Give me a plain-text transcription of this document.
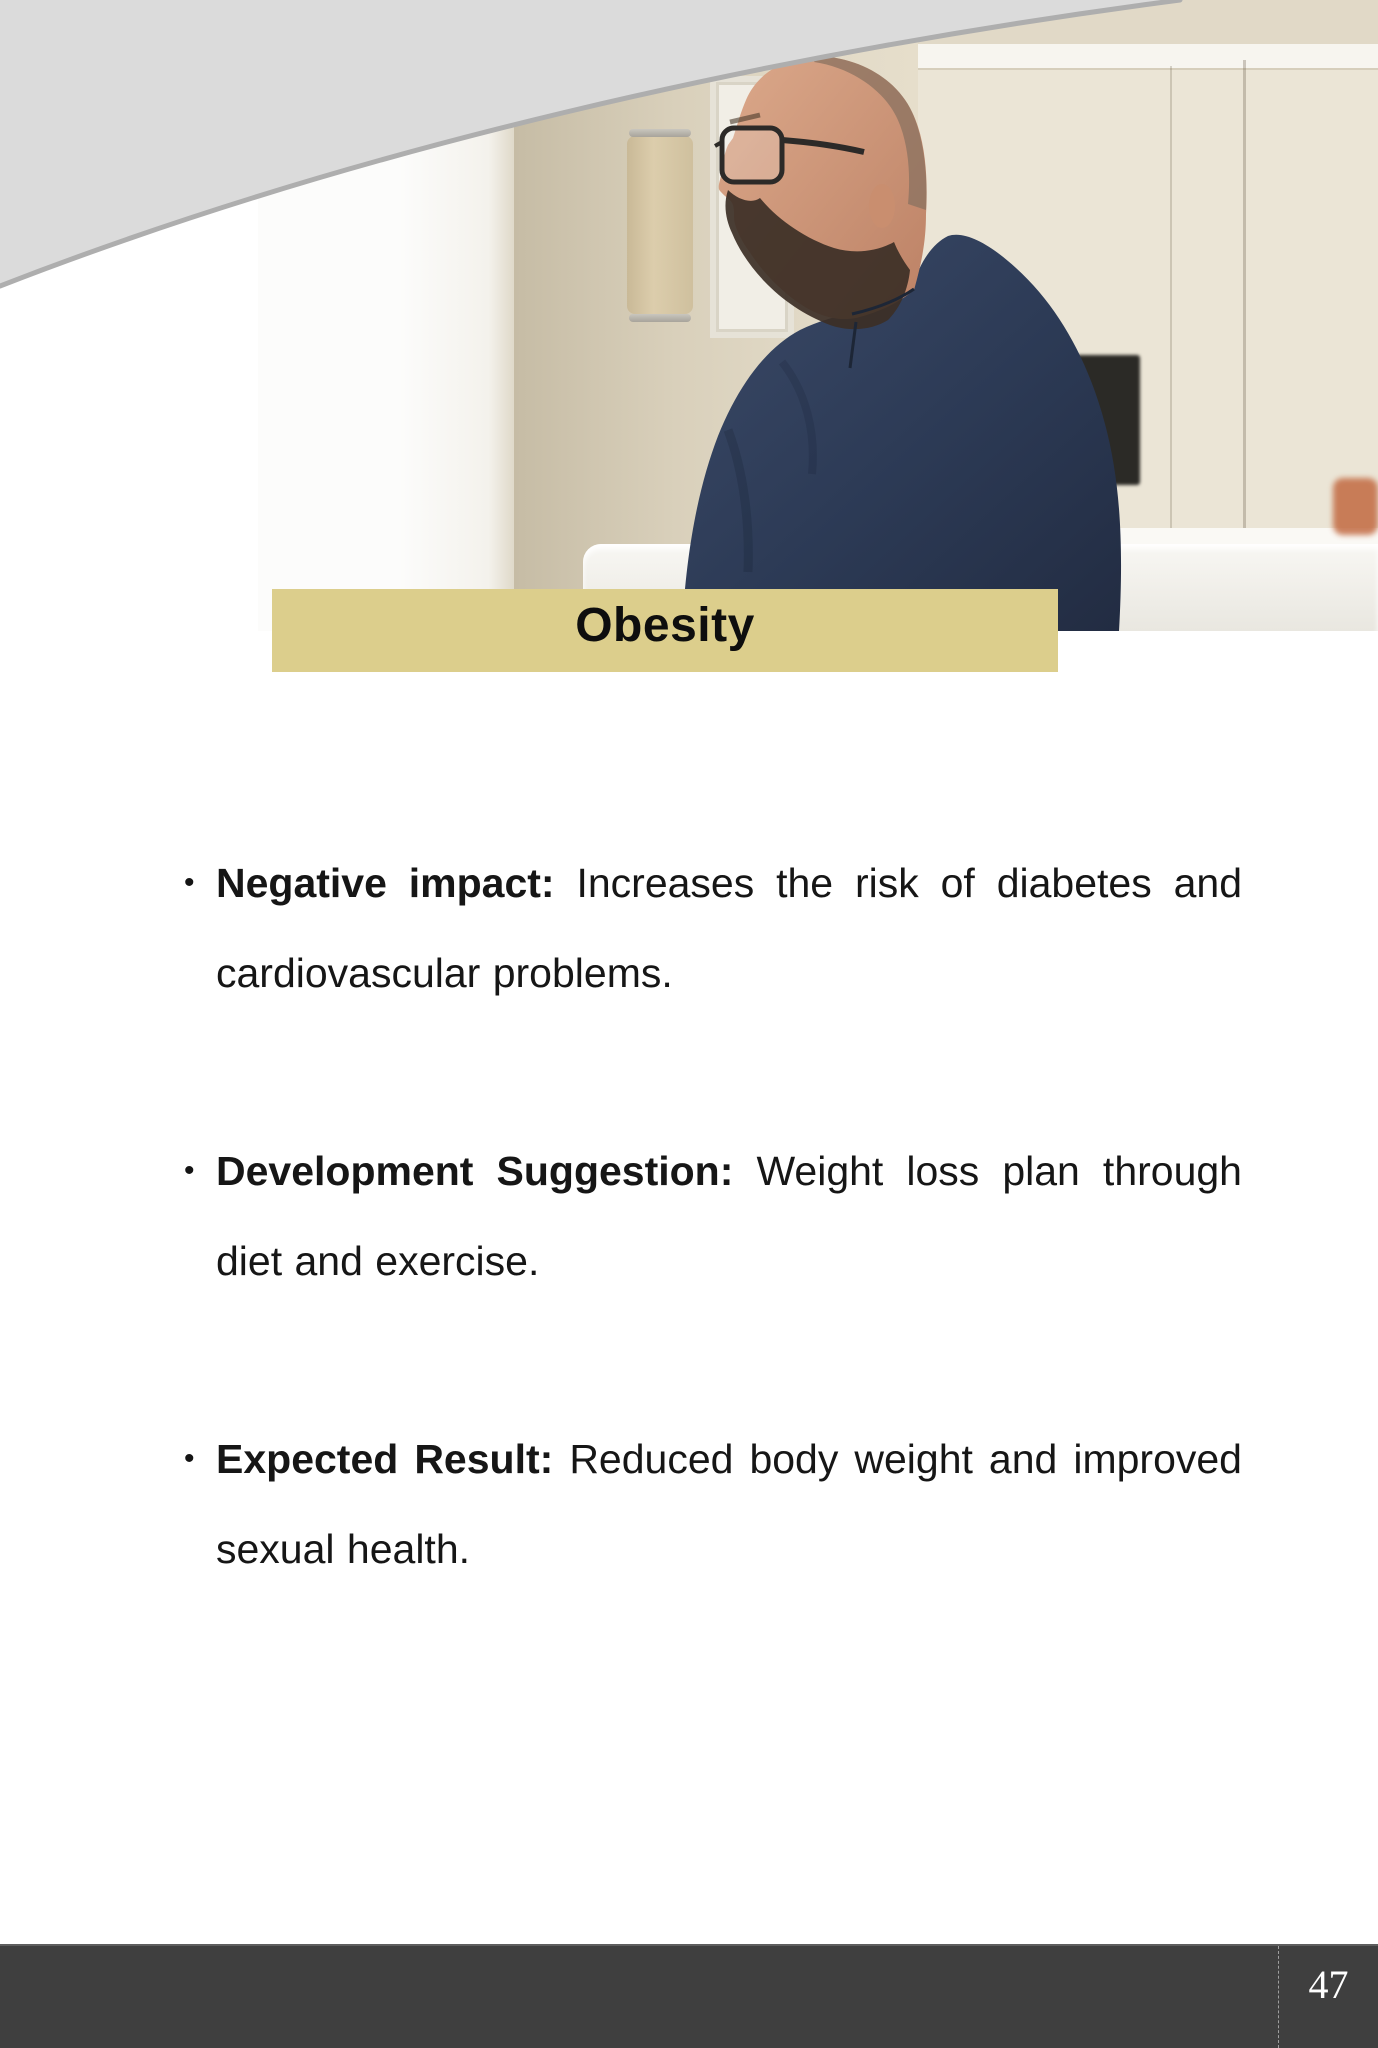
Obesity
• Negative impact: Increases the risk of diabetes and cardiovascular problems.

• Development Suggestion: Weight loss plan through diet and exercise.

• Expected Result: Reduced body weight and improved sexual health.

47
